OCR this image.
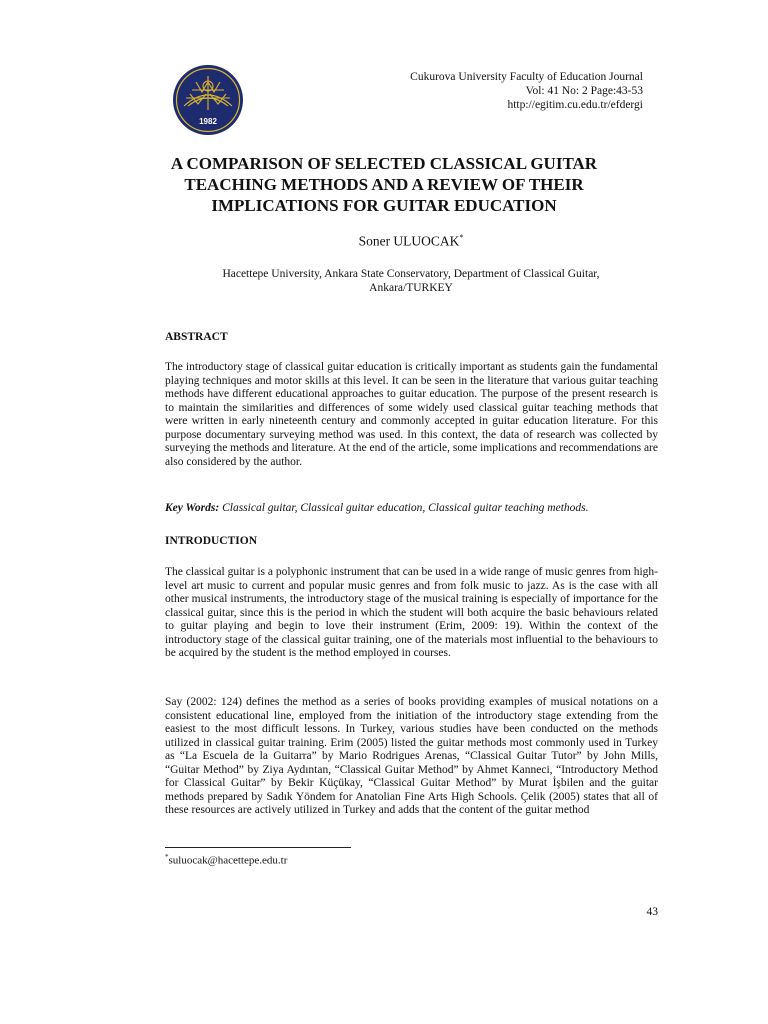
1982
Cukurova University Faculty of Education Journal
Vol: 41 No: 2 Page:43-53
http://egitim.cu.edu.tr/efdergi
A COMPARISON OF SELECTED CLASSICAL GUITAR TEACHING METHODS AND A REVIEW OF THEIR IMPLICATIONS FOR GUITAR EDUCATION
Soner ULUOCAK*
Hacettepe University, Ankara State Conservatory, Department of Classical Guitar,
Ankara/TURKEY
ABSTRACT

The introductory stage of classical guitar education is critically important as students gain the fundamental playing techniques and motor skills at this level. It can be seen in the literature that various guitar teaching methods have different educational approaches to guitar education. The purpose of the present research is to maintain the similarities and differences of some widely used classical guitar teaching methods that were written in early nineteenth century and commonly accepted in guitar education literature. For this purpose documentary surveying method was used. In this context, the data of research was collected by surveying the methods and literature. At the end of the article, some implications and recommendations are also considered by the author.

Key Words: Classical guitar, Classical guitar education, Classical guitar teaching methods.

INTRODUCTION

The classical guitar is a polyphonic instrument that can be used in a wide range of music genres from high-level art music to current and popular music genres and from folk music to jazz. As is the case with all other musical instruments, the introductory stage of the musical training is especially of importance for the classical guitar, since this is the period in which the student will both acquire the basic behaviours related to guitar playing and begin to love their instrument (Erim, 2009: 19). Within the context of the introductory stage of the classical guitar training, one of the materials most influential to the behaviours to be acquired by the student is the method employed in courses.

Say (2002: 124) defines the method as a series of books providing examples of musical notations on a consistent educational line, employed from the initiation of the introductory stage extending from the easiest to the most difficult lessons. In Turkey, various studies have been conducted on the methods utilized in classical guitar training. Erim (2005) listed the guitar methods most commonly used in Turkey as “La Escuela de la Guitarra” by Mario Rodrigues Arenas, “Classical Guitar Tutor” by John Mills, “Guitar Method” by Ziya Aydıntan, “Classical Guitar Method” by Ahmet Kanneci, “Introductory Method for Classical Guitar” by Bekir Küçükay, “Classical Guitar Method” by Murat İşbilen and the guitar methods prepared by Sadık Yöndem for Anatolian Fine Arts High Schools. Çelik (2005) states that all of these resources are actively utilized in Turkey and adds that the content of the guitar method

*suluocak@hacettepe.edu.tr
43
